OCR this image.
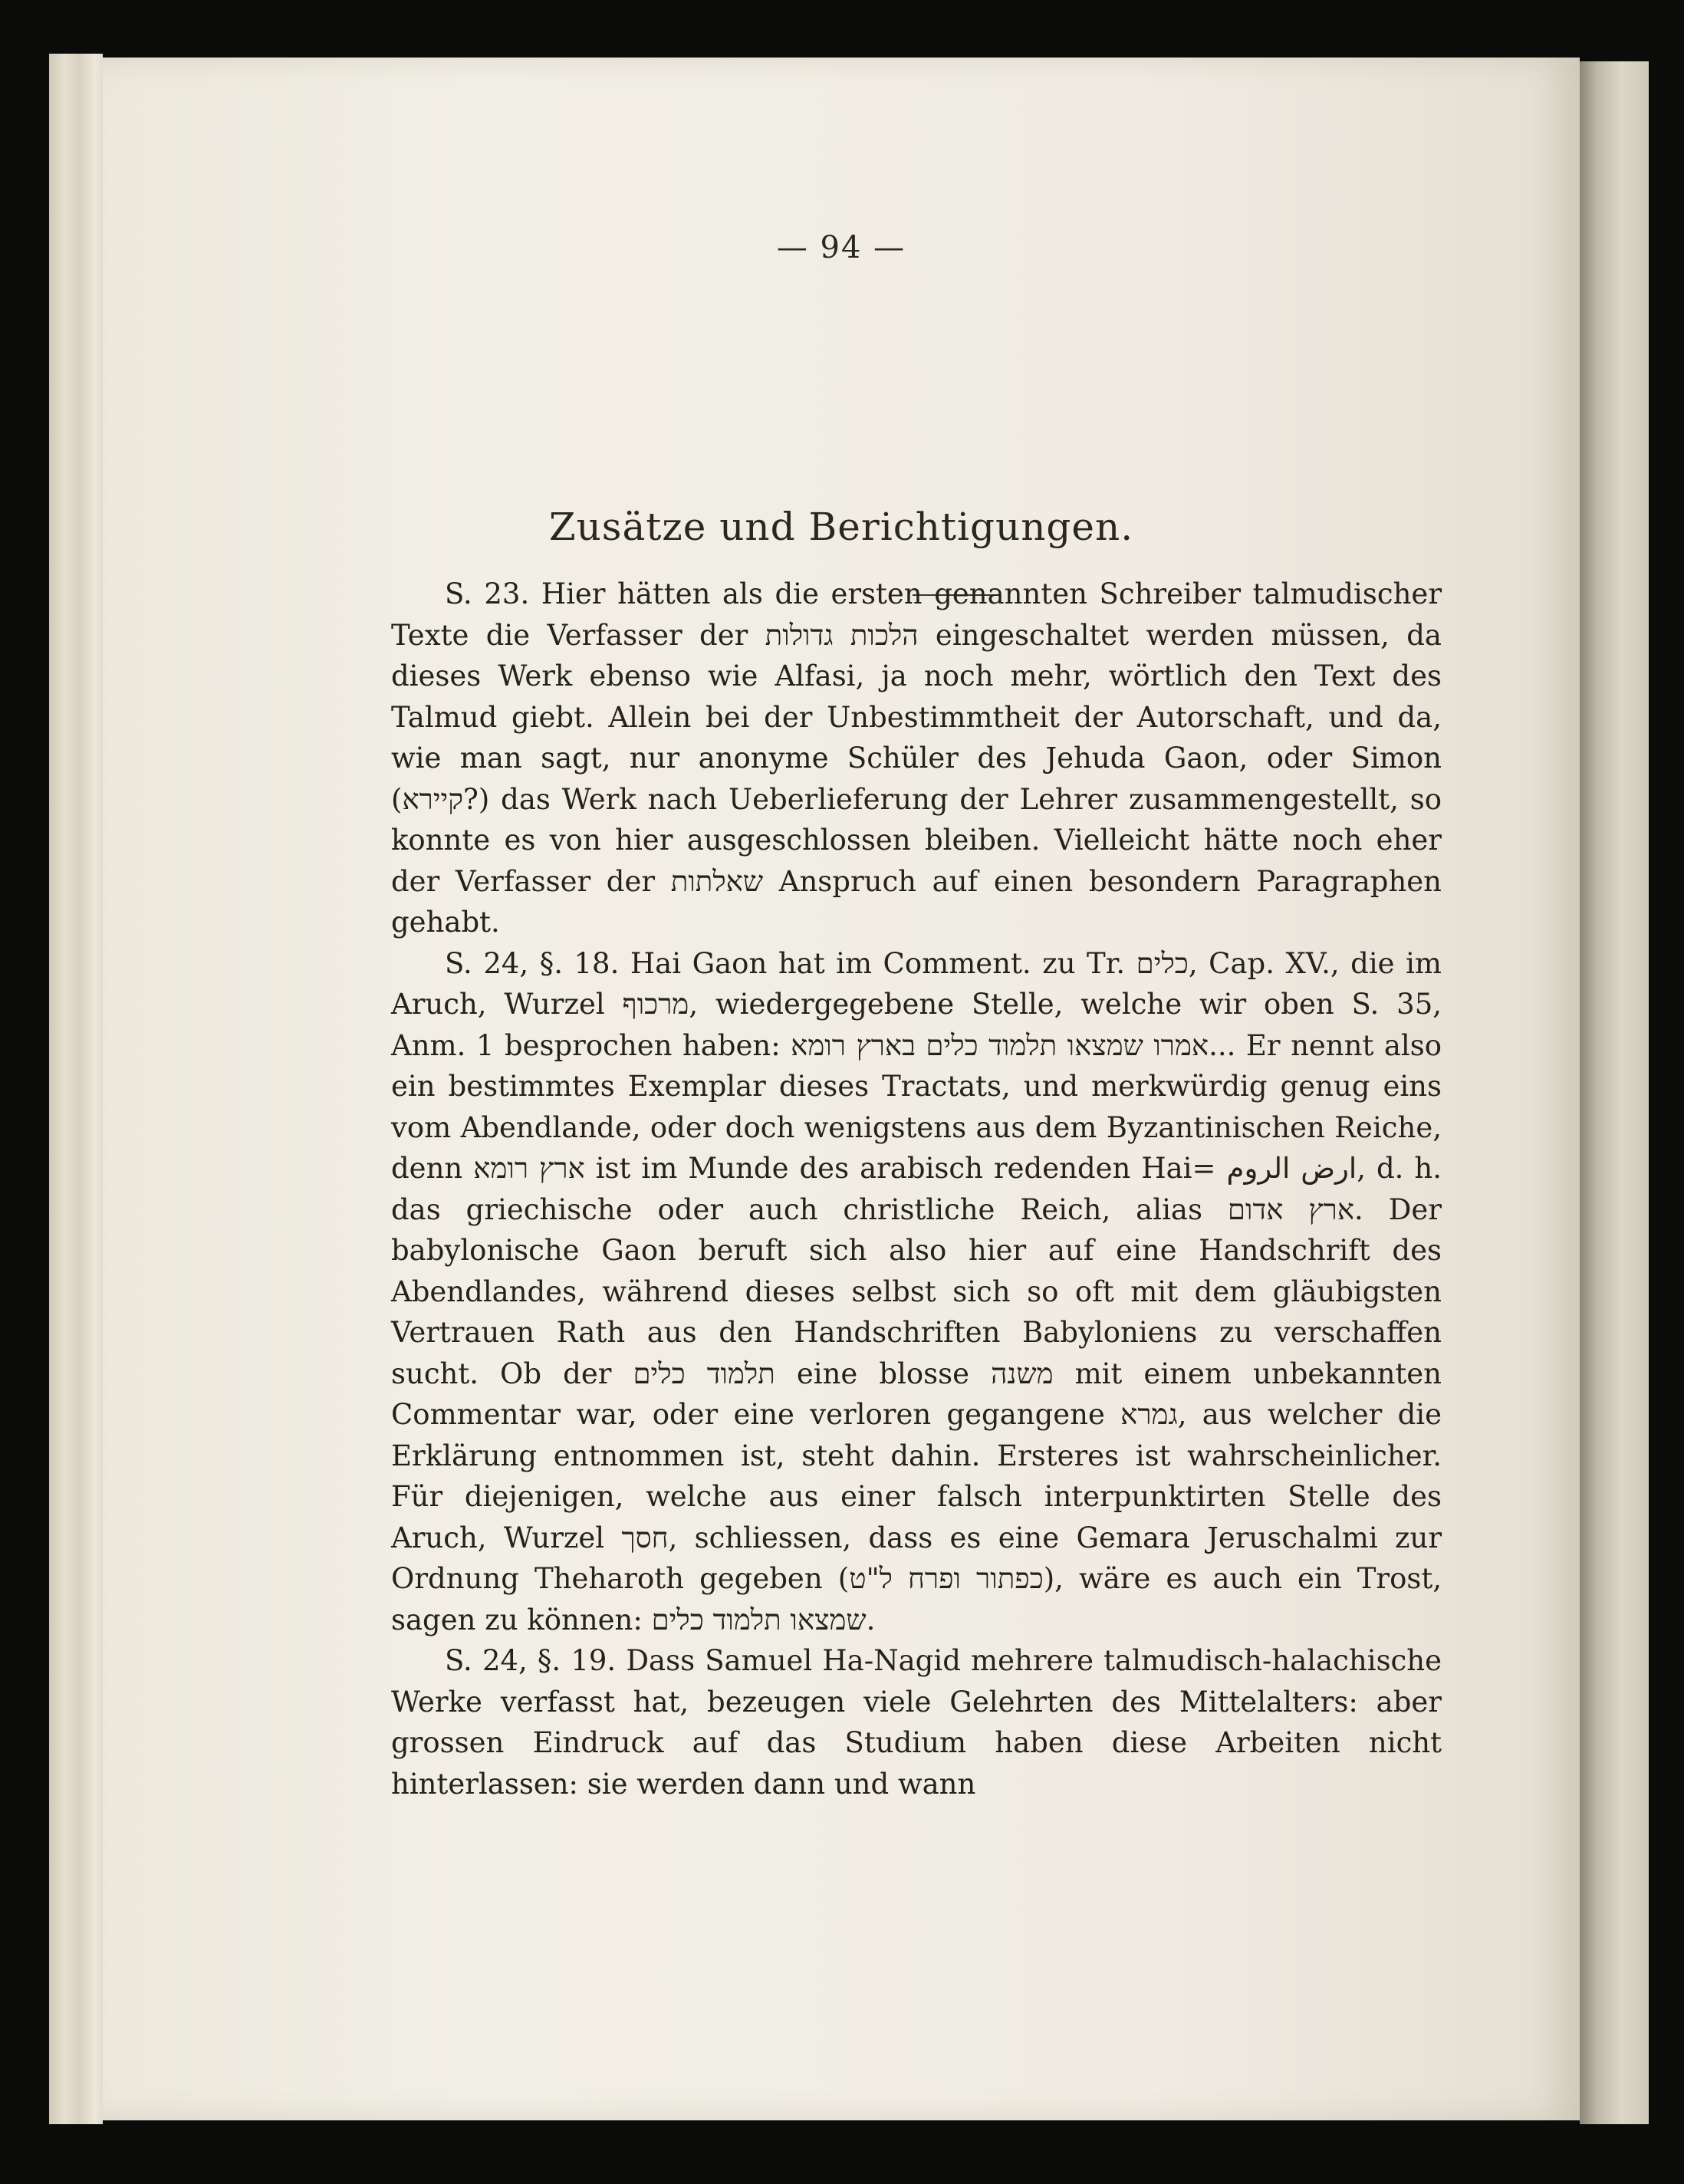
— 94 —
Zusätze und Berichtigungen.

S. 23. Hier hätten als die ersten genannten Schreiber talmudischer Texte die Verfasser der הלכות גדולות eingeschaltet werden müssen, da dieses Werk ebenso wie Alfasi, ja noch mehr, wörtlich den Text des Talmud giebt. Allein bei der Unbestimmtheit der Autorschaft, und da, wie man sagt, nur anonyme Schüler des Jehuda Gaon, oder Simon (קיירא?) das Werk nach Ueberlieferung der Lehrer zusammengestellt, so konnte es von hier ausgeschlossen bleiben. Vielleicht hätte noch eher der Verfasser der שאלתות Anspruch auf einen besondern Paragraphen gehabt.

S. 24, §. 18. Hai Gaon hat im Comment. zu Tr. כלים, Cap. XV., die im Aruch, Wurzel מרכוף, wiedergegebene Stelle, welche wir oben S. 35, Anm. 1 besprochen haben: אמרו שמצאו תלמוד כלים בארץ רומא... Er nennt also ein bestimmtes Exemplar dieses Tractats, und merkwürdig genug eins vom Abendlande, oder doch wenigstens aus dem Byzantinischen Reiche, denn ארץ רומא ist im Munde des arabisch redenden Hai= ارض الروم, d. h. das griechische oder auch christliche Reich, alias ארץ אדום. Der babylonische Gaon beruft sich also hier auf eine Handschrift des Abendlandes, während dieses selbst sich so oft mit dem gläubigsten Vertrauen Rath aus den Handschriften Babyloniens zu verschaffen sucht. Ob der תלמוד כלים eine blosse משנה mit einem unbekannten Commentar war, oder eine verloren gegangene גמרא, aus welcher die Erklärung entnommen ist, steht dahin. Ersteres ist wahrscheinlicher. Für diejenigen, welche aus einer falsch interpunktirten Stelle des Aruch, Wurzel חסך, schliessen, dass es eine Gemara Jeruschalmi zur Ordnung Theharoth gegeben (כפתור ופרח ל"ט), wäre es auch ein Trost, sagen zu können: שמצאו תלמוד כלים.

S. 24, §. 19. Dass Samuel Ha-Nagid mehrere talmudisch-halachische Werke verfasst hat, bezeugen viele Gelehrten des Mittelalters: aber grossen Eindruck auf das Studium haben diese Arbeiten nicht hinterlassen: sie werden dann und wann
